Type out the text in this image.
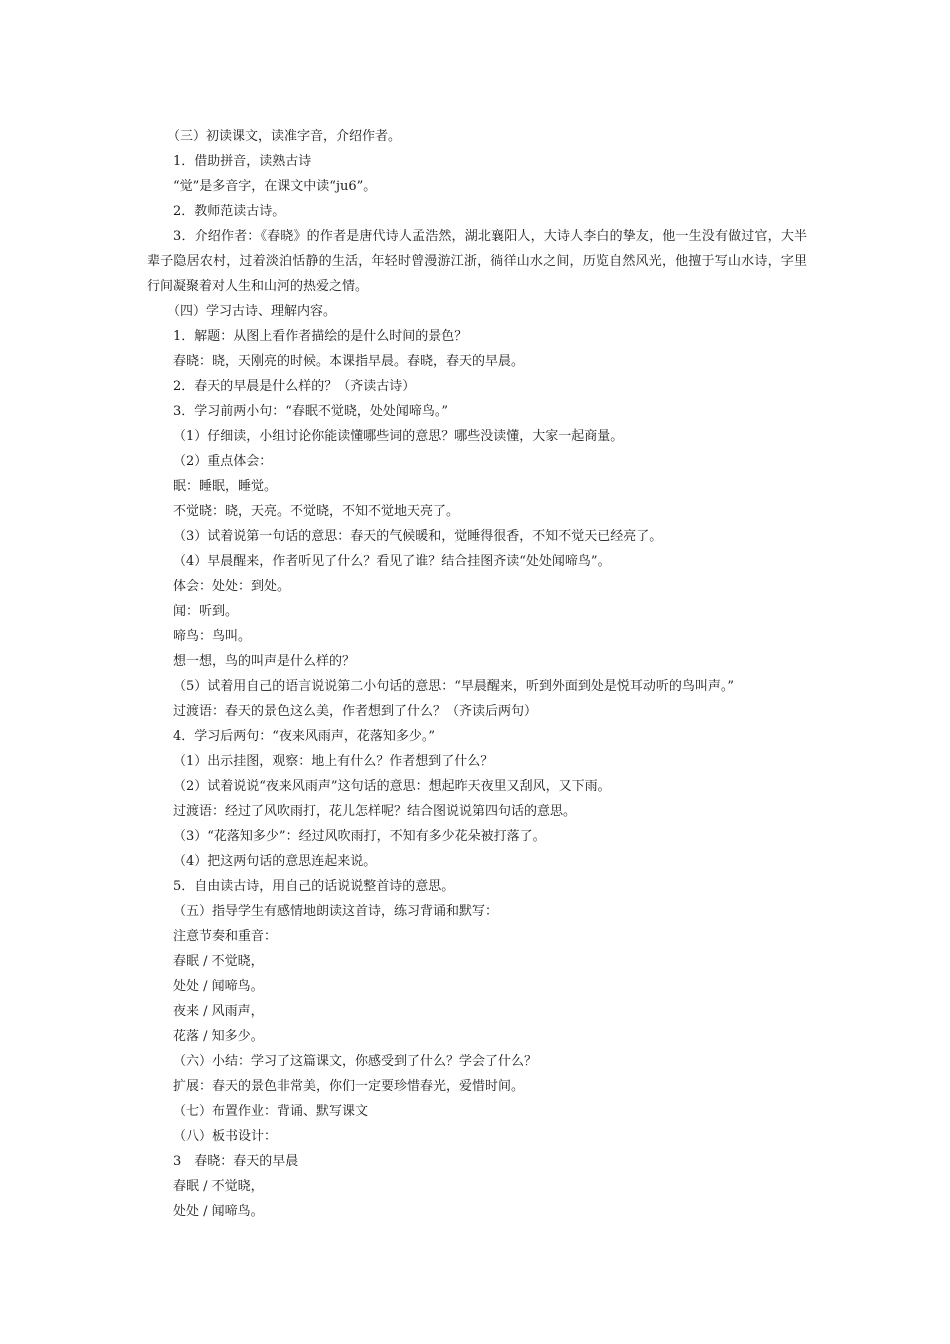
（三）初读课文，读准字音，介绍作者。

1．借助拼音，读熟古诗

“觉”是多音字，在课文中读“ju6”。

2．教师范读古诗。

3．介绍作者：《春晓》的作者是唐代诗人孟浩然，湖北襄阳人，大诗人李白的挚友，他一生没有做过官，大半辈子隐居农村，过着淡泊恬静的生活，年轻时曾漫游江浙，徜徉山水之间，历览自然风光，他擅于写山水诗，字里行间凝聚着对人生和山河的热爱之情。

（四）学习古诗、理解内容。

1．解题：从图上看作者描绘的是什么时间的景色？

春晓：晓，天刚亮的时候。本课指早晨。春晓，春天的早晨。

2．春天的早晨是什么样的？（齐读古诗）

3．学习前两小句：“春眠不觉晓，处处闻啼鸟。”

（1）仔细读，小组讨论你能读懂哪些词的意思？哪些没读懂，大家一起商量。

（2）重点体会：

眠：睡眠，睡觉。

不觉晓：晓，天亮。不觉晓，不知不觉地天亮了。

（3）试着说第一句话的意思：春天的气候暖和，觉睡得很香，不知不觉天已经亮了。

（4）早晨醒来，作者听见了什么？看见了谁？结合挂图齐读“处处闻啼鸟”。

体会：处处：到处。

闻：听到。

啼鸟：鸟叫。

想一想，鸟的叫声是什么样的？

（5）试着用自己的语言说说第二小句话的意思：“早晨醒来，听到外面到处是悦耳动听的鸟叫声。”

过渡语：春天的景色这么美，作者想到了什么？（齐读后两句）

4．学习后两句：“夜来风雨声，花落知多少。”

（1）出示挂图，观察：地上有什么？作者想到了什么？

（2）试着说说“夜来风雨声”这句话的意思：想起昨天夜里又刮风，又下雨。

过渡语：经过了风吹雨打，花儿怎样呢？结合图说说第四句话的意思。

（3）“花落知多少”：经过风吹雨打，不知有多少花朵被打落了。

（4）把这两句话的意思连起来说。

5．自由读古诗，用自己的话说说整首诗的意思。

（五）指导学生有感情地朗读这首诗，练习背诵和默写：

注意节奏和重音：

春眠 / 不觉晓，

处处 / 闻啼鸟。

夜来 / 风雨声，

花落 / 知多少。

（六）小结：学习了这篇课文，你感受到了什么？学会了什么？

扩展：春天的景色非常美，你们一定要珍惜春光，爱惜时间。

（七）布置作业：背诵、默写课文

（八）板书设计：

3　春晓：春天的早晨

春眠 / 不觉晓，

处处 / 闻啼鸟。
